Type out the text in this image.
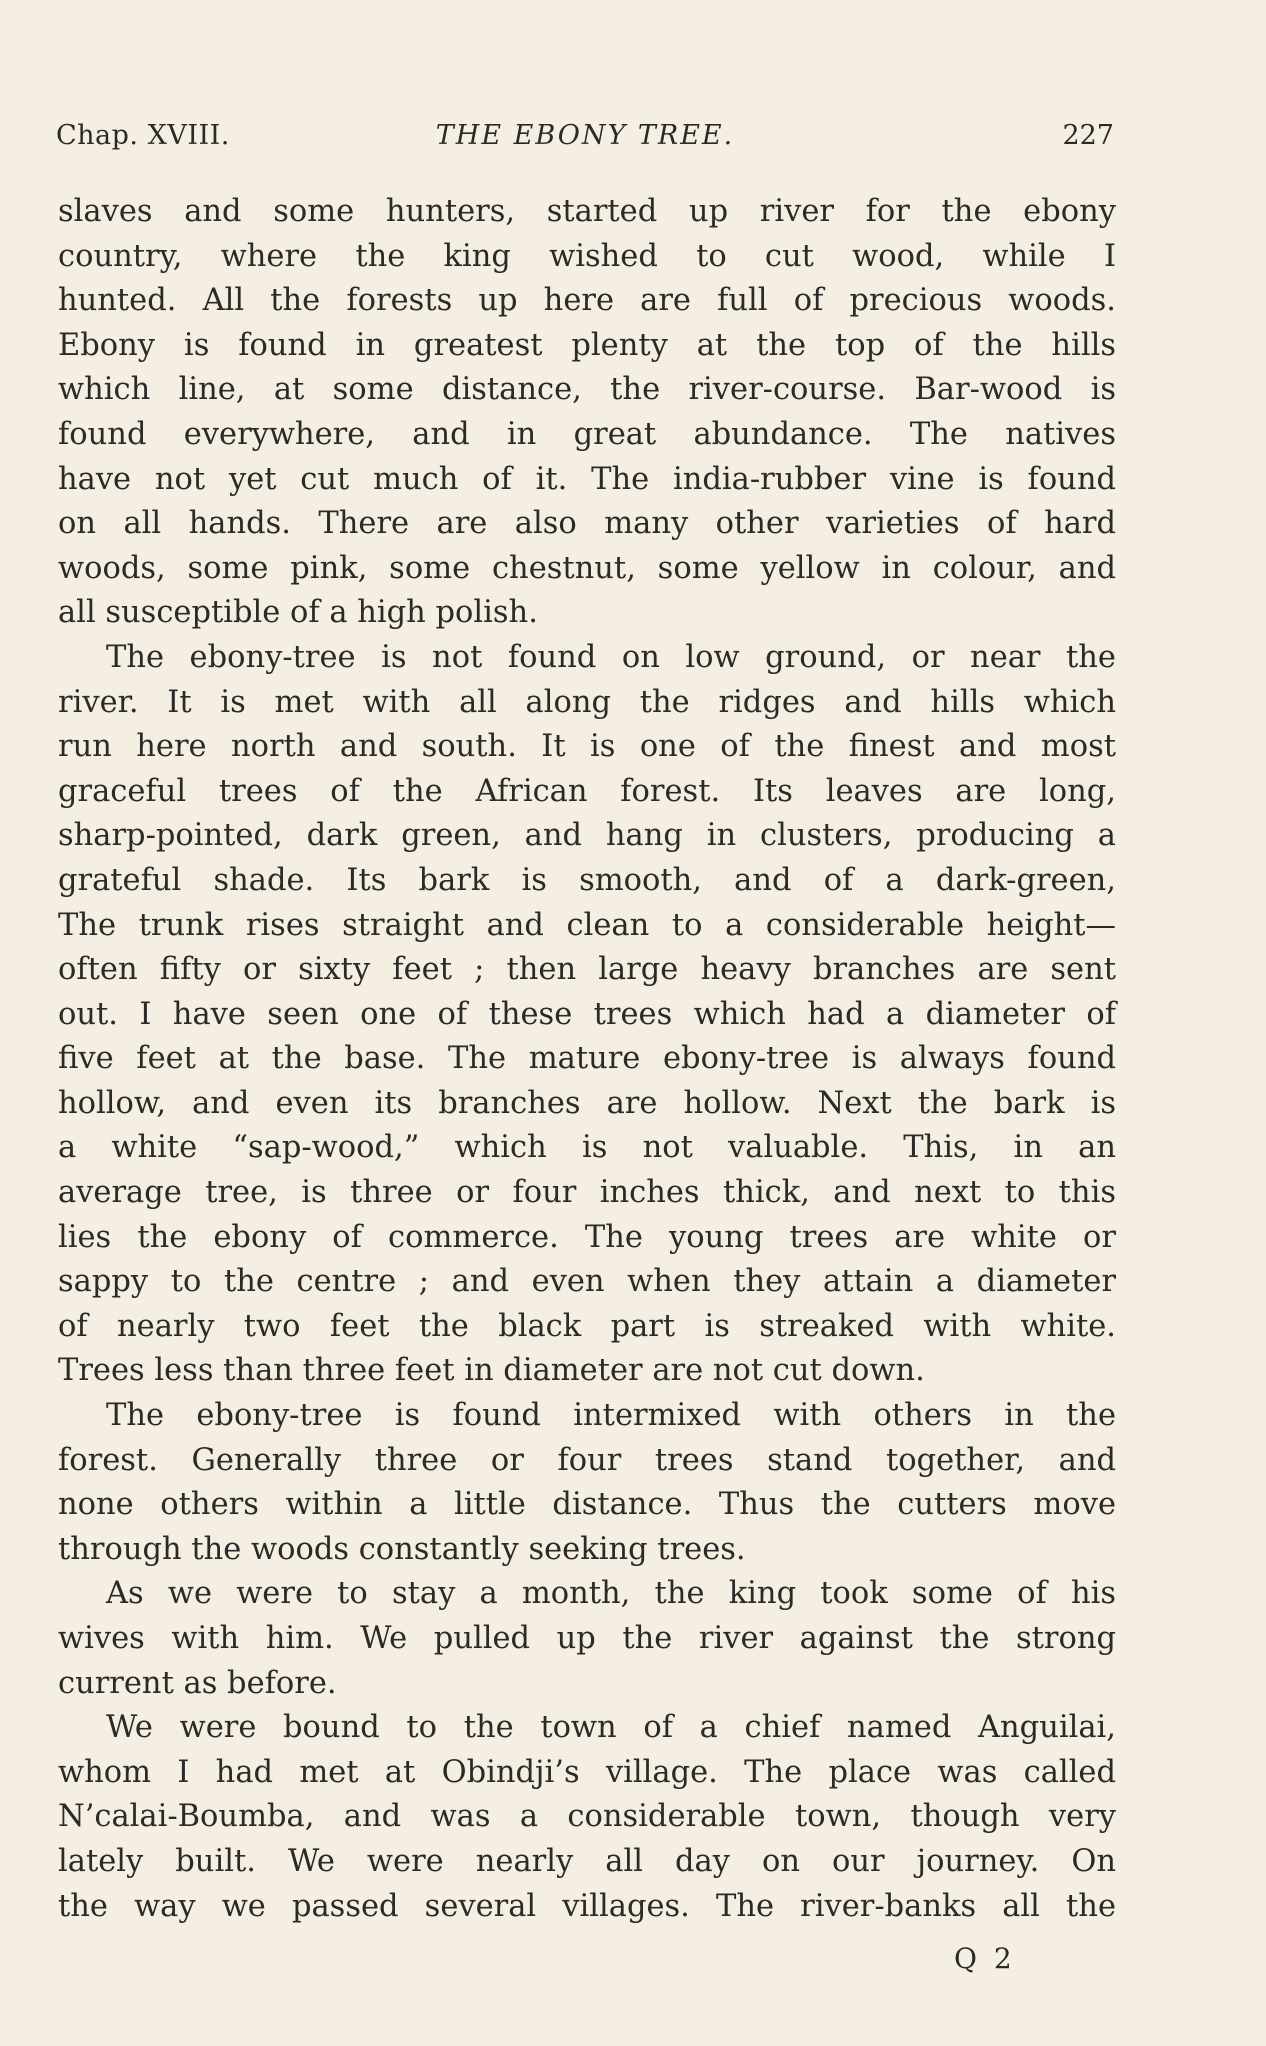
Chap. XVIII.	THE EBONY TREE.	227
slaves and some hunters, started up river for the ebony
country, where the king wished to cut wood, while I
hunted. All the forests up here are full of precious woods.
Ebony is found in greatest plenty at the top of the hills
which line, at some distance, the river-course. Bar-wood is
found everywhere, and in great abundance. The natives
have not yet cut much of it. The india-rubber vine is found
on all hands. There are also many other varieties of hard
woods, some pink, some chestnut, some yellow in colour, and
all susceptible of a high polish.
The ebony-tree is not found on low ground, or near the
river. It is met with all along the ridges and hills which
run here north and south. It is one of the finest and most
graceful trees of the African forest. Its leaves are long,
sharp-pointed, dark green, and hang in clusters, producing a
grateful shade. Its bark is smooth, and of a dark-green,
The trunk rises straight and clean to a considerable height—
often fifty or sixty feet ; then large heavy branches are sent
out. I have seen one of these trees which had a diameter of
five feet at the base. The mature ebony-tree is always found
hollow, and even its branches are hollow. Next the bark is
a white “sap-wood,” which is not valuable. This, in an
average tree, is three or four inches thick, and next to this
lies the ebony of commerce. The young trees are white or
sappy to the centre ; and even when they attain a diameter
of nearly two feet the black part is streaked with white.
Trees less than three feet in diameter are not cut down.
The ebony-tree is found intermixed with others in the
forest. Generally three or four trees stand together, and
none others within a little distance. Thus the cutters move
through the woods constantly seeking trees.
As we were to stay a month, the king took some of his
wives with him. We pulled up the river against the strong
current as before.
We were bound to the town of a chief named Anguilai,
whom I had met at Obindji’s village. The place was called
N’calai-Boumba, and was a considerable town, though very
lately built. We were nearly all day on our journey. On
the way we passed several villages. The river-banks all the
Q 2
